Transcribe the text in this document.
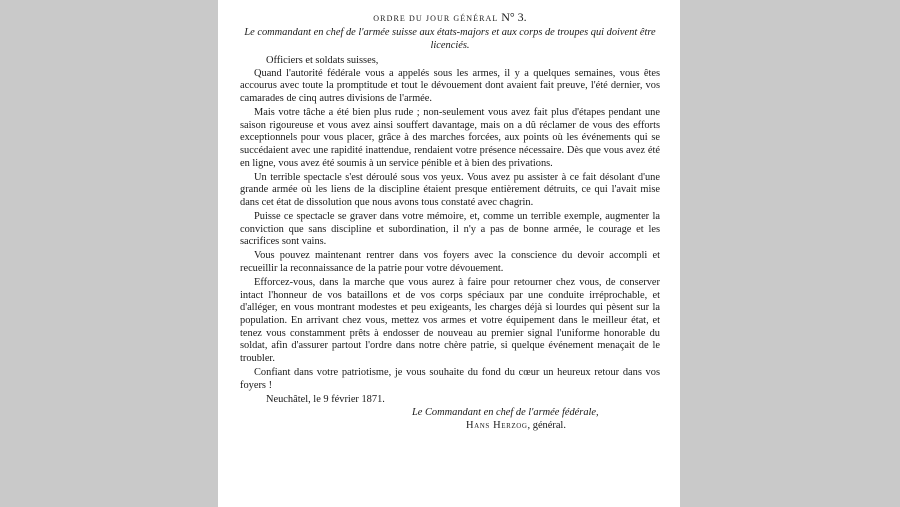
ORDRE DU JOUR GÉNÉRAL N° 3.
Le commandant en chef de l'armée suisse aux états-majors et aux corps de troupes qui doivent être licenciés.
Officiers et soldats suisses,

Quand l'autorité fédérale vous a appelés sous les armes, il y a quelques semaines, vous êtes accourus avec toute la promptitude et tout le dévouement dont avaient fait preuve, l'été dernier, vos camarades de cinq autres divisions de l'armée.

Mais votre tâche a été bien plus rude ; non-seulement vous avez fait plus d'étapes pendant une saison rigoureuse et vous avez ainsi souffert davantage, mais on a dû réclamer de vous des efforts exceptionnels pour vous placer, grâce à des marches forcées, aux points où les événements qui se succédaient avec une rapidité inattendue, rendaient votre présence nécessaire. Dès que vous avez été en ligne, vous avez été soumis à un service pénible et à bien des privations.

Un terrible spectacle s'est déroulé sous vos yeux. Vous avez pu assister à ce fait désolant d'une grande armée où les liens de la discipline étaient presque entièrement détruits, ce qui l'avait mise dans cet état de dissolution que nous avons tous constaté avec chagrin.

Puisse ce spectacle se graver dans votre mémoire, et, comme un terrible exemple, augmenter la conviction que sans discipline et subordination, il n'y a pas de bonne armée, le courage et les sacrifices sont vains.

Vous pouvez maintenant rentrer dans vos foyers avec la conscience du devoir accompli et recueillir la reconnaissance de la patrie pour votre dévouement.

Efforcez-vous, dans la marche que vous aurez à faire pour retourner chez vous, de conserver intact l'honneur de vos bataillons et de vos corps spéciaux par une conduite irréprochable, et d'alléger, en vous montrant modestes et peu exigeants, les charges déjà si lourdes qui pèsent sur la population. En arrivant chez vous, mettez vos armes et votre équipement dans le meilleur état, et tenez vous constamment prêts à endosser de nouveau au premier signal l'uniforme honorable du soldat, afin d'assurer partout l'ordre dans notre chère patrie, si quelque événement menaçait de le troubler.

Confiant dans votre patriotisme, je vous souhaite du fond du cœur un heureux retour dans vos foyers !

Neuchâtel, le 9 février 1871.
Le Commandant en chef de l'armée fédérale,
Hans Herzog, général.
